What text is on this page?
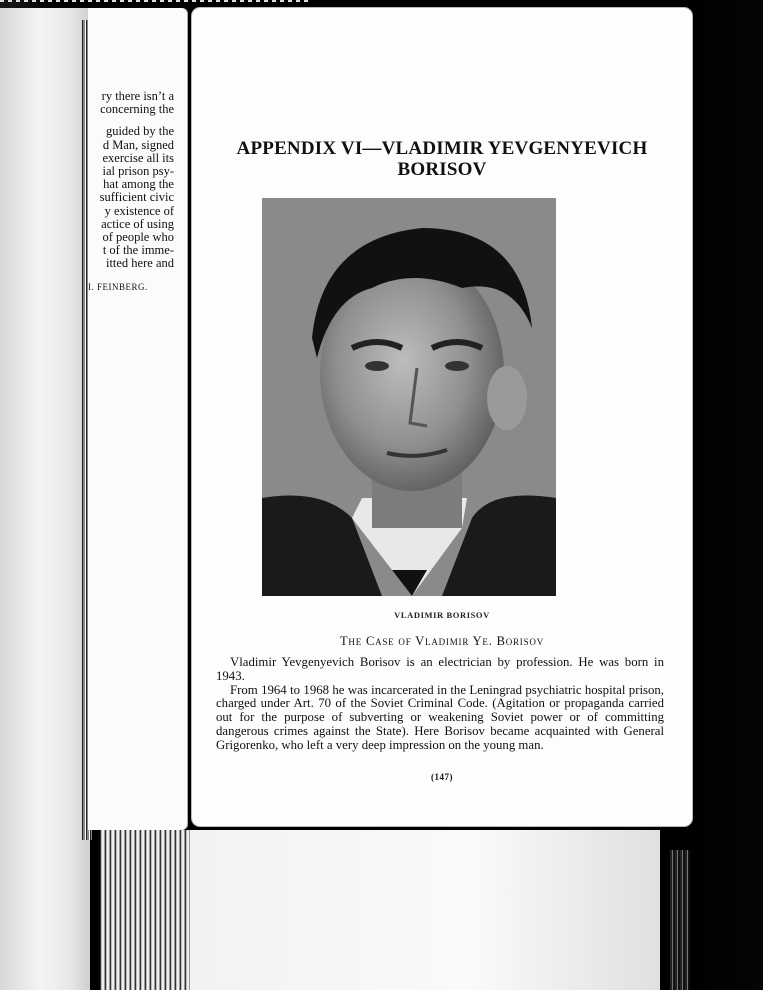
ry there isn’t a
concerning the
guided by the
d Man, signed
exercise all its
ial prison psy-
hat among the
sufficient civic
y existence of
actice of using
of people who
t of the imme-
itted here and
I. FEINBERG.
APPENDIX VI—VLADIMIR YEVGENYEVICH
BORISOV
VLADIMIR BORISOV
The Case of Vladimir Ye. Borisov

Vladimir Yevgenyevich Borisov is an electrician by profession. He was born in 1943.

From 1964 to 1968 he was incarcerated in the Leningrad psychiatric hospital prison, charged under Art. 70 of the Soviet Criminal Code. (Agitation or propaganda carried out for the purpose of subverting or weakening Soviet power or of committing dangerous crimes against the State). Here Borisov became acquainted with General Grigorenko, who left a very deep impression on the young man.

(147)
